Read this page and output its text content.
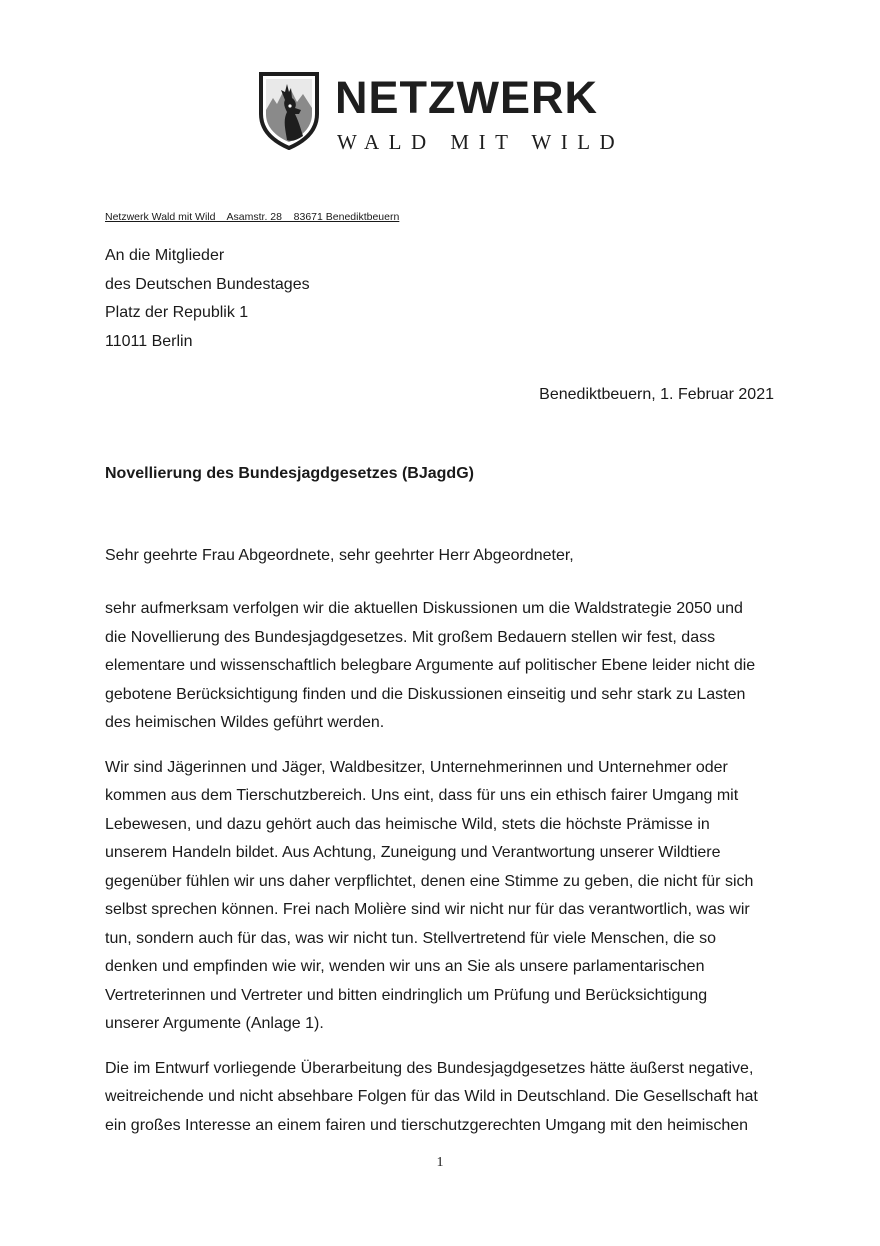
NETZWERK
WALD MIT WILD
Netzwerk Wald mit Wild    Asamstr. 28    83671 Benediktbeuern
An die Mitglieder
des Deutschen Bundestages
Platz der Republik 1
11011 Berlin
Benediktbeuern, 1. Februar 2021
Novellierung des Bundesjagdgesetzes (BJagdG)
Sehr geehrte Frau Abgeordnete, sehr geehrter Herr Abgeordneter,

sehr aufmerksam verfolgen wir die aktuellen Diskussionen um die Waldstrategie 2050 und
die Novellierung des Bundesjagdgesetzes. Mit großem Bedauern stellen wir fest, dass
elementare und wissenschaftlich belegbare Argumente auf politischer Ebene leider nicht die
gebotene Berücksichtigung finden und die Diskussionen einseitig und sehr stark zu Lasten
des heimischen Wildes geführt werden.

Wir sind Jägerinnen und Jäger, Waldbesitzer, Unternehmerinnen und Unternehmer oder
kommen aus dem Tierschutzbereich. Uns eint, dass für uns ein ethisch fairer Umgang mit
Lebewesen, und dazu gehört auch das heimische Wild, stets die höchste Prämisse in
unserem Handeln bildet. Aus Achtung, Zuneigung und Verantwortung unserer Wildtiere
gegenüber fühlen wir uns daher verpflichtet, denen eine Stimme zu geben, die nicht für sich
selbst sprechen können. Frei nach Molière sind wir nicht nur für das verantwortlich, was wir
tun, sondern auch für das, was wir nicht tun. Stellvertretend für viele Menschen, die so
denken und empfinden wie wir, wenden wir uns an Sie als unsere parlamentarischen
Vertreterinnen und Vertreter und bitten eindringlich um Prüfung und Berücksichtigung
unserer Argumente (Anlage 1).

Die im Entwurf vorliegende Überarbeitung des Bundesjagdgesetzes hätte äußerst negative,
weitreichende und nicht absehbare Folgen für das Wild in Deutschland. Die Gesellschaft hat
ein großes Interesse an einem fairen und tierschutzgerechten Umgang mit den heimischen

1
